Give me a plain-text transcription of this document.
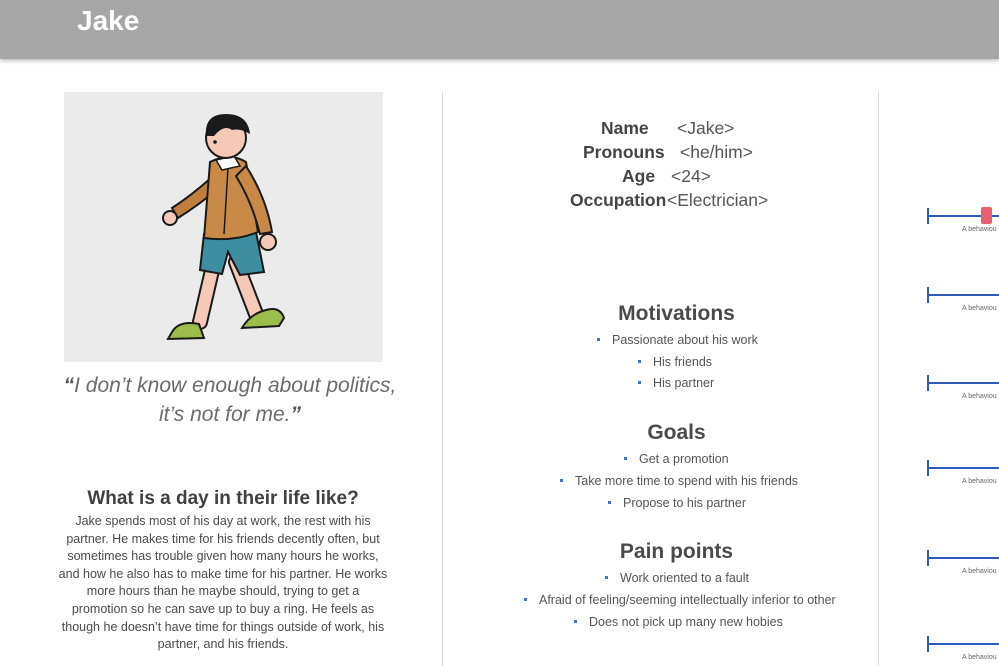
Jake
“I don’t know enough about politics, it’s not for me.”
What is a day in their life like?
Jake spends most of his day at work, the rest with his partner. He makes time for his friends decently often, but sometimes has trouble given how many hours he works, and how he also has to make time for his partner. He works more hours than he maybe should, trying to get a promotion so he can save up to buy a ring. He feels as though he doesn’t have time for things outside of work, his partner, and his friends.
Name <Jake>
Pronouns <he/him>
Age <24>
Occupation <Electrician>
Motivations
Passionate about his work
His friends
His partner
Goals
Get a promotion
Take more time to spend with his friends
Propose to his partner
Pain points
Work oriented to a fault
Afraid of feeling/seeming intellectually inferior to other
Does not pick up many new hobies
A behaviou
A behaviou
A behaviou
A behaviou
A behaviou
A behaviou
